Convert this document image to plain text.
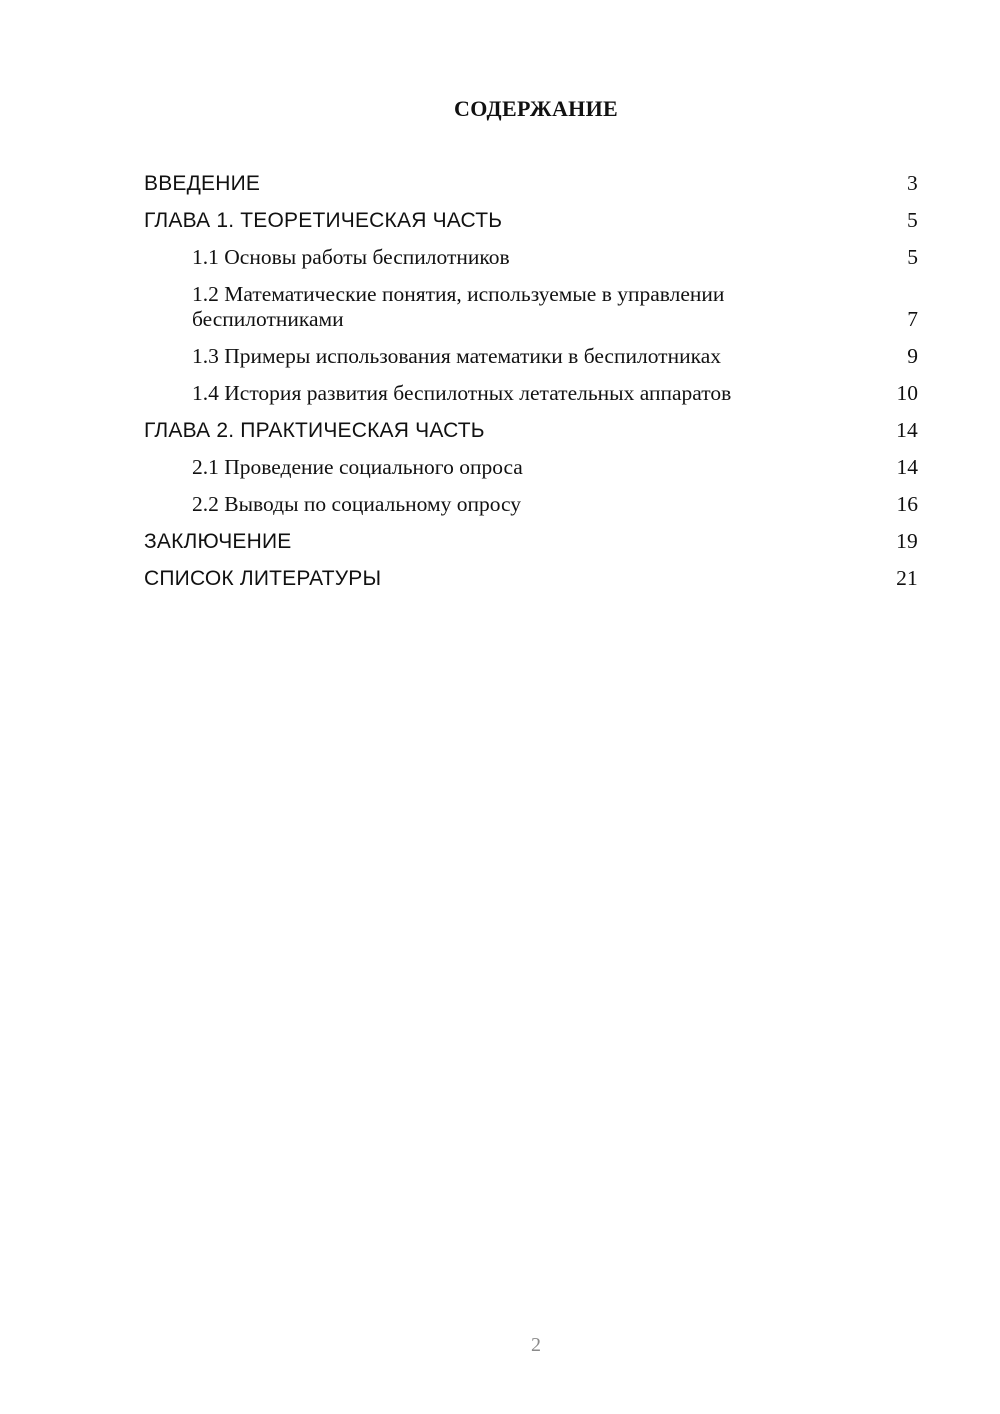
СОДЕРЖАНИЕ
ВВЕДЕНИЕ	3
ГЛАВА 1. ТЕОРЕТИЧЕСКАЯ ЧАСТЬ	5
1.1 Основы работы беспилотников	5
1.2 Математические понятия, используемые в управлении беспилотниками	7
1.3 Примеры использования математики в беспилотниках	9
1.4 История развития беспилотных летательных аппаратов	10
ГЛАВА 2. ПРАКТИЧЕСКАЯ ЧАСТЬ	14
2.1 Проведение социального опроса	14
2.2 Выводы по социальному опросу	16
ЗАКЛЮЧЕНИЕ	19
СПИСОК ЛИТЕРАТУРЫ	21
2
